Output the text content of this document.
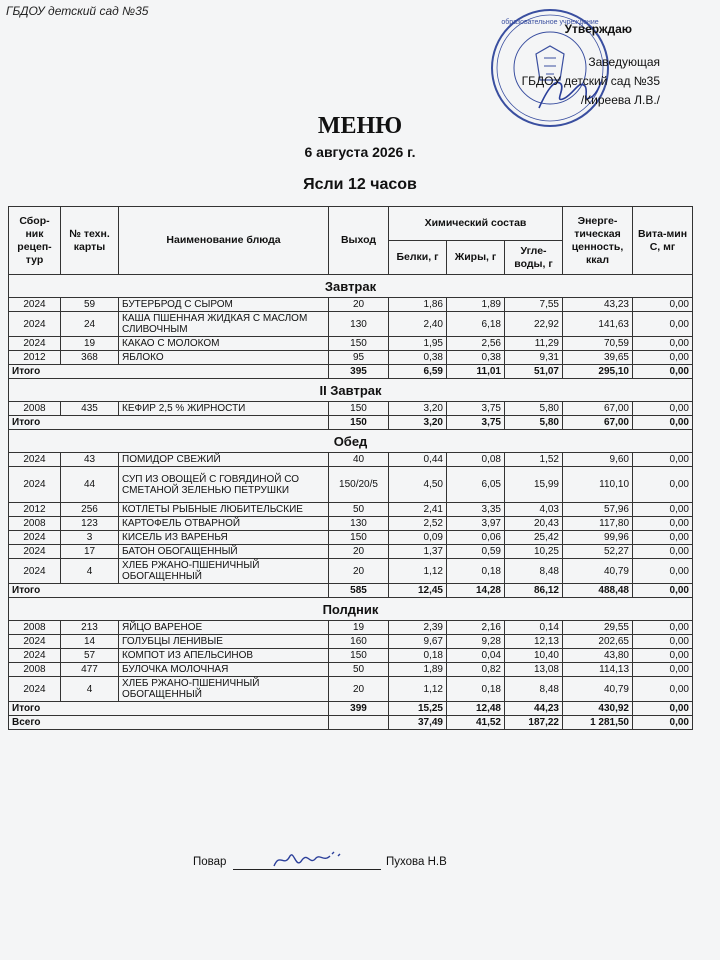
ГБДОУ детский сад №35
образовательное учреждение
Утверждаю
Заведующая
ГБДОУ детский сад №35
/Киреева Л.В./
МЕНЮ
6 августа 2026 г.
Ясли 12 часов
Сбор-ник рецеп-тур	№ техн. карты	Наименование блюда	Выход	Химический состав			Энерге-тическая ценность, ккал	Вита-мин С, мг
				Белки, г	Жиры, г	Угле-воды, г		
Завтрак								
2024	59	БУТЕРБРОД С СЫРОМ	20	1,86	1,89	7,55	43,23	0,00
2024	24	КАША ПШЕННАЯ ЖИДКАЯ С МАСЛОМ СЛИВОЧНЫМ	130	2,40	6,18	22,92	141,63	0,00
2024	19	КАКАО С МОЛОКОМ	150	1,95	2,56	11,29	70,59	0,00
2012	368	ЯБЛОКО	95	0,38	0,38	9,31	39,65	0,00
Итого			395	6,59	11,01	51,07	295,10	0,00
II Завтрак								
2008	435	КЕФИР 2,5 % ЖИРНОСТИ	150	3,20	3,75	5,80	67,00	0,00
Итого			150	3,20	3,75	5,80	67,00	0,00
Обед								
2024	43	ПОМИДОР СВЕЖИЙ	40	0,44	0,08	1,52	9,60	0,00
2024	44	СУП ИЗ ОВОЩЕЙ С ГОВЯДИНОЙ СО СМЕТАНОЙ ЗЕЛЕНЬЮ ПЕТРУШКИ	150/20/5	4,50	6,05	15,99	110,10	0,00
2012	256	КОТЛЕТЫ РЫБНЫЕ ЛЮБИТЕЛЬСКИЕ	50	2,41	3,35	4,03	57,96	0,00
2008	123	КАРТОФЕЛЬ ОТВАРНОЙ	130	2,52	3,97	20,43	117,80	0,00
2024	3	КИСЕЛЬ ИЗ ВАРЕНЬЯ	150	0,09	0,06	25,42	99,96	0,00
2024	17	БАТОН ОБОГАЩЕННЫЙ	20	1,37	0,59	10,25	52,27	0,00
2024	4	ХЛЕБ РЖАНО-ПШЕНИЧНЫЙ ОБОГАЩЕННЫЙ	20	1,12	0,18	8,48	40,79	0,00
Итого			585	12,45	14,28	86,12	488,48	0,00
Полдник								
2008	213	ЯЙЦО ВАРЕНОЕ	19	2,39	2,16	0,14	29,55	0,00
2024	14	ГОЛУБЦЫ ЛЕНИВЫЕ	160	9,67	9,28	12,13	202,65	0,00
2024	57	КОМПОТ ИЗ АПЕЛЬСИНОВ	150	0,18	0,04	10,40	43,80	0,00
2008	477	БУЛОЧКА МОЛОЧНАЯ	50	1,89	0,82	13,08	114,13	0,00
2024	4	ХЛЕБ РЖАНО-ПШЕНИЧНЫЙ ОБОГАЩЕННЫЙ	20	1,12	0,18	8,48	40,79	0,00
Итого			399	15,25	12,48	44,23	430,92	0,00
Всего				37,49	41,52	187,22	1 281,50	0,00
Повар	Пухова Н.В
